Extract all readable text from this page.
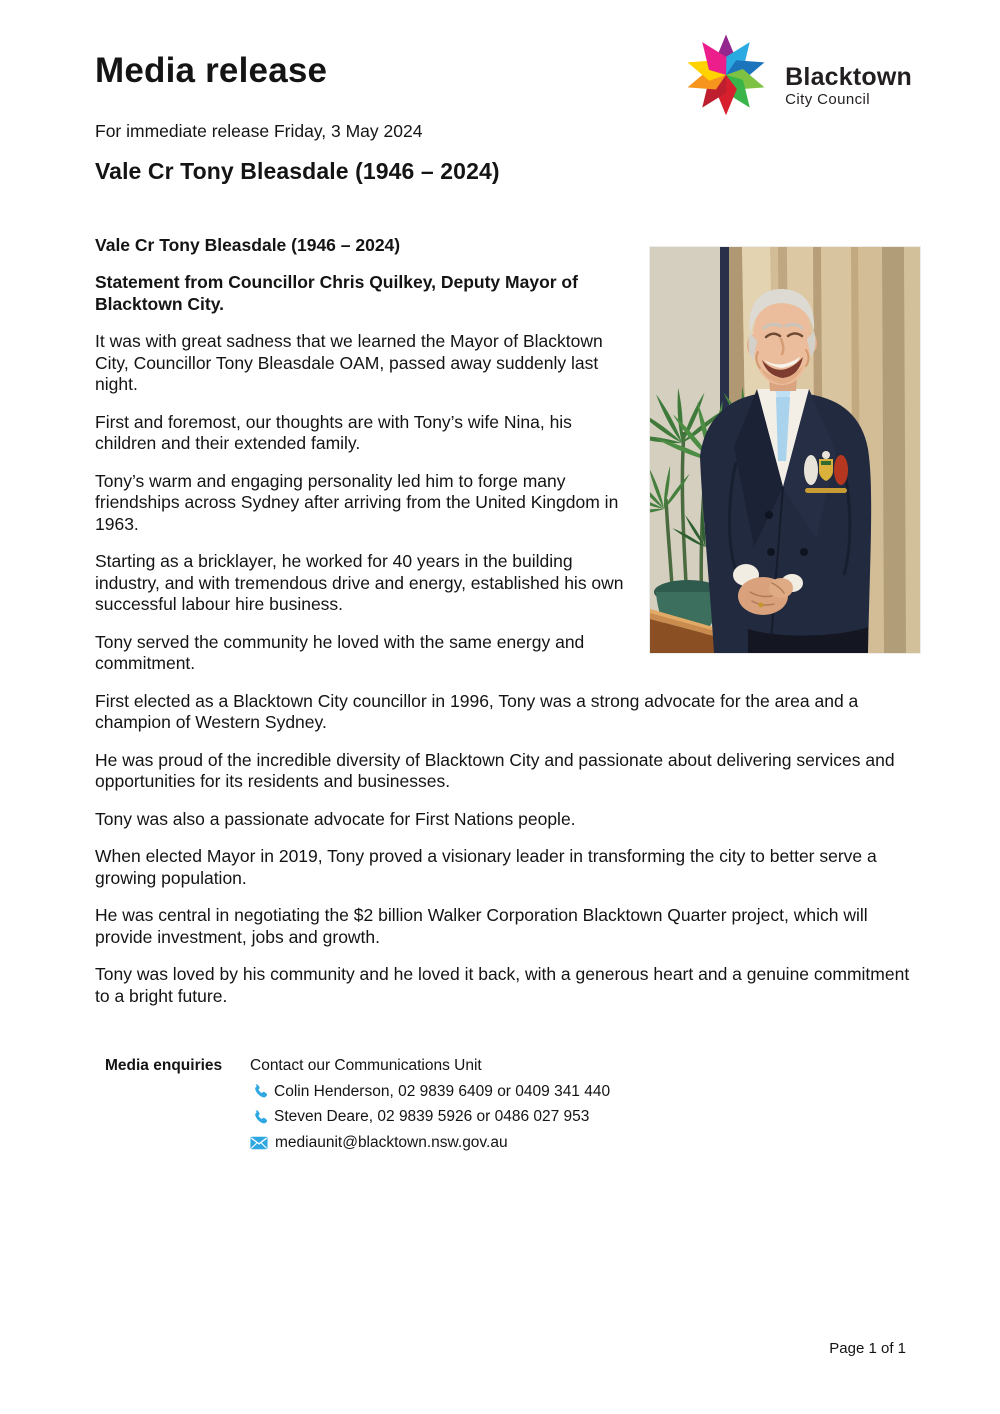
Media release	Blacktown
City Council

For immediate release Friday, 3 May 2024

Vale Cr Tony Bleasdale (1946 – 2024)

Vale Cr Tony Bleasdale (1946 – 2024)

Statement from Councillor Chris Quilkey, Deputy Mayor of Blacktown City.

It was with great sadness that we learned the Mayor of Blacktown City, Councillor Tony Bleasdale OAM, passed away suddenly last night.

First and foremost, our thoughts are with Tony’s wife Nina, his children and their extended family.

Tony’s warm and engaging personality led him to forge many friendships across Sydney after arriving from the United Kingdom in 1963.

Starting as a bricklayer, he worked for 40 years in the building industry, and with tremendous drive and energy, established his own successful labour hire business.

Tony served the community he loved with the same energy and commitment.

First elected as a Blacktown City councillor in 1996, Tony was a strong advocate for the area and a champion of Western Sydney.

He was proud of the incredible diversity of Blacktown City and passionate about delivering services and opportunities for its residents and businesses.

Tony was also a passionate advocate for First Nations people.

When elected Mayor in 2019, Tony proved a visionary leader in transforming the city to better serve a growing population.

He was central in negotiating the $2 billion Walker Corporation Blacktown Quarter project, which will provide investment, jobs and growth.

Tony was loved by his community and he loved it back, with a generous heart and a genuine commitment to a bright future.

Media enquiries	Contact our Communications Unit
Colin Henderson, 02 9839 6409 or 0409 341 440
Steven Deare, 02 9839 5926 or 0486 027 953
mediaunit@blacktown.nsw.gov.au
Page 1 of 1
